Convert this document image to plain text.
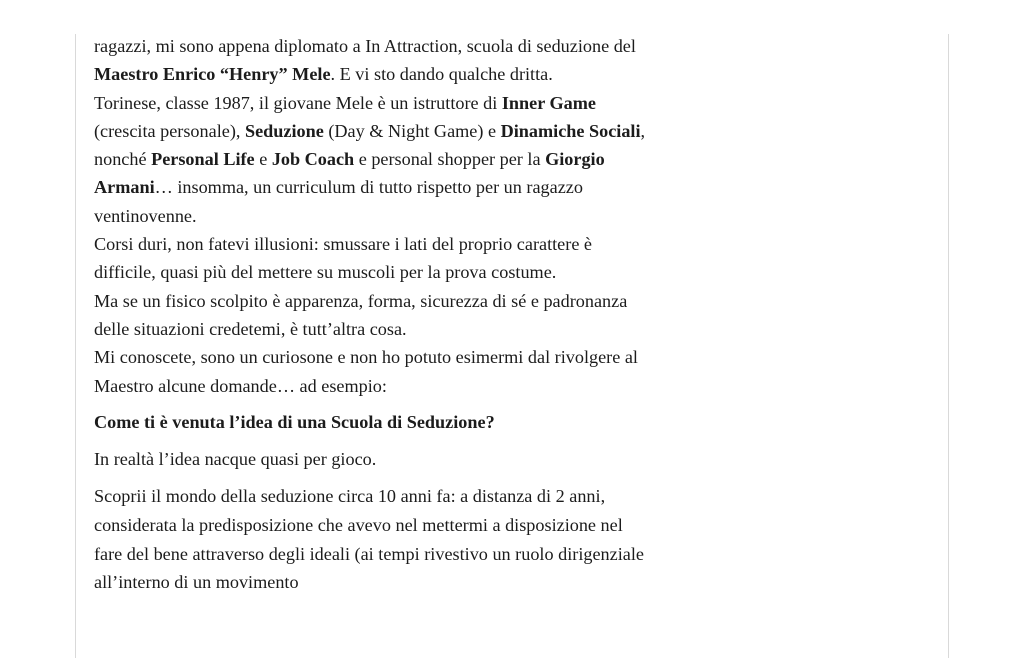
ragazzi, mi sono appena diplomato a In Attraction, scuola di seduzione del Maestro Enrico “Henry” Mele. E vi sto dando qualche dritta.
Torinese, classe 1987, il giovane Mele è un istruttore di Inner Game (crescita personale), Seduzione (Day & Night Game) e Dinamiche Sociali, nonché Personal Life e Job Coach e personal shopper per la Giorgio Armani… insomma, un curriculum di tutto rispetto per un ragazzo ventinovenne.
Corsi duri, non fatevi illusioni: smussare i lati del proprio carattere è difficile, quasi più del mettere su muscoli per la prova costume.
Ma se un fisico scolpito è apparenza, forma, sicurezza di sé e padronanza delle situazioni credetemi, è tutt’altra cosa.
Mi conoscete, sono un curiosone e non ho potuto esimermi dal rivolgere al Maestro alcune domande… ad esempio:

Come ti è venuta l’idea di una Scuola di Seduzione?

In realtà l’idea nacque quasi per gioco.

Scoprii il mondo della seduzione circa 10 anni fa: a distanza di 2 anni, considerata la predisposizione che avevo nel mettermi a disposizione nel fare del bene attraverso degli ideali (ai tempi rivestivo un ruolo dirigenziale all’interno di un movimento
